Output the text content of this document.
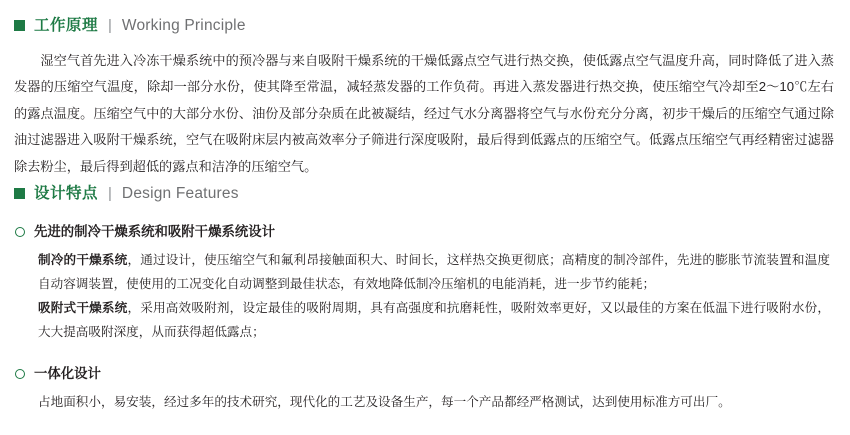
工作原理 | Working Principle
湿空气首先进入冷冻干燥系统中的预冷器与来自吸附干燥系统的干燥低露点空气进行热交换，使低露点空气温度升高，同时降低了进入蒸发器的压缩空气温度，除却一部分水份，使其降至常温，减轻蒸发器的工作负荷。再进入蒸发器进行热交换，使压缩空气冷却至2～10℃左右的露点温度。压缩空气中的大部分水份、油份及部分杂质在此被凝结，经过气水分离器将空气与水份充分分离，初步干燥后的压缩空气通过除油过滤器进入吸附干燥系统，空气在吸附床层内被高效率分子筛进行深度吸附，最后得到低露点的压缩空气。低露点压缩空气再经精密过滤器除去粉尘，最后得到超低的露点和洁净的压缩空气。
设计特点 | Design Features
先进的制冷干燥系统和吸附干燥系统设计

制冷的干燥系统，通过设计，使压缩空气和氟利昂接触面积大、时间长，这样热交换更彻底；高精度的制冷部件，先进的膨胀节流装置和温度自动容调装置，使使用的工况变化自动调整到最佳状态，有效地降低制冷压缩机的电能消耗，进一步节约能耗；

吸附式干燥系统，采用高效吸附剂，设定最佳的吸附周期，具有高强度和抗磨耗性，吸附效率更好，又以最佳的方案在低温下进行吸附水份，大大提高吸附深度，从而获得超低露点；

一体化设计

占地面积小，易安装，经过多年的技术研究，现代化的工艺及设备生产，每一个产品都经严格测试，达到使用标准方可出厂。
